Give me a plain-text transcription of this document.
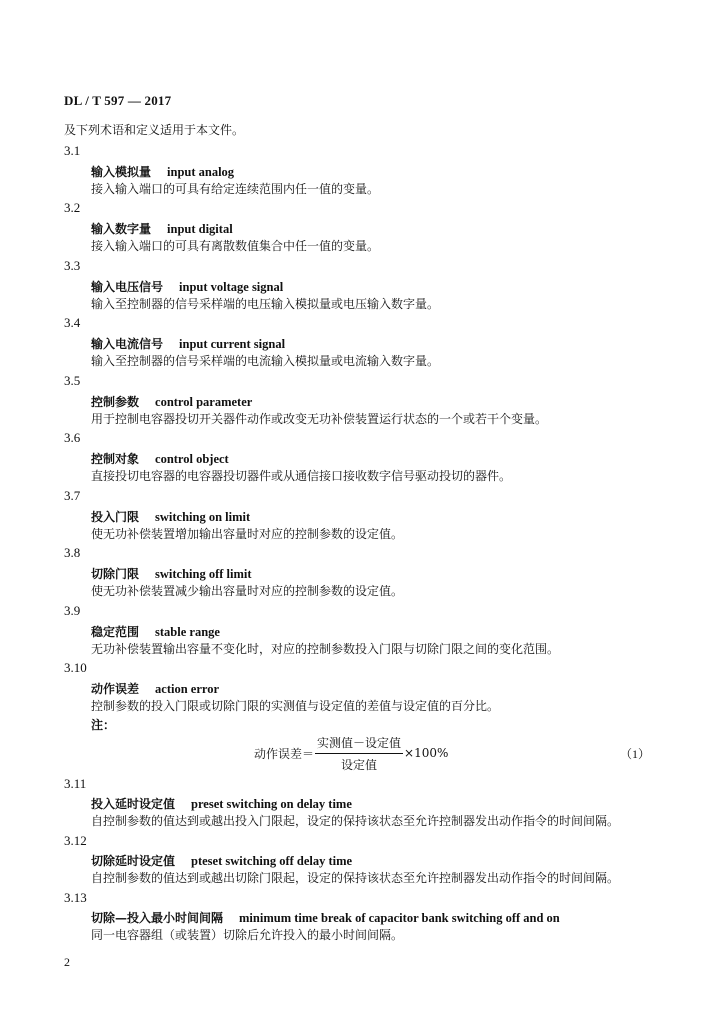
DL / T 597 — 2017
及下列术语和定义适用于本文件。
3.1
输入模拟量 input analog
接入输入端口的可具有给定连续范围内任一值的变量。
3.2
输入数字量 input digital
接入输入端口的可具有离散数值集合中任一值的变量。
3.3
输入电压信号 input voltage signal
输入至控制器的信号采样端的电压输入模拟量或电压输入数字量。
3.4
输入电流信号 input current signal
输入至控制器的信号采样端的电流输入模拟量或电流输入数字量。
3.5
控制参数 control parameter
用于控制电容器投切开关器件动作或改变无功补偿装置运行状态的一个或若干个变量。
3.6
控制对象 control object
直接投切电容器的电容器投切器件或从通信接口接收数字信号驱动投切的器件。
3.7
投入门限 switching on limit
使无功补偿装置增加输出容量时对应的控制参数的设定值。
3.8
切除门限 switching off limit
使无功补偿装置减少输出容量时对应的控制参数的设定值。
3.9
稳定范围 stable range
无功补偿装置输出容量不变化时，对应的控制参数投入门限与切除门限之间的变化范围。
3.10
动作误差 action error
控制参数的投入门限或切除门限的实测值与设定值的差值与设定值的百分比。
注：
动作误差＝ $\frac{\text{实测值－设定值}}{\text{设定值}} \times 100\%$	（1）
3.11
投入延时设定值 preset switching on delay time
自控制参数的值达到或越出投入门限起，设定的保持该状态至允许控制器发出动作指令的时间间隔。
3.12
切除延时设定值 pteset switching off delay time
自控制参数的值达到或越出切除门限起，设定的保持该状态至允许控制器发出动作指令的时间间隔。
3.13
切除—投入最小时间间隔 minimum time break of capacitor bank switching off and on
同一电容器组（或装置）切除后允许投入的最小时间间隔。
2
